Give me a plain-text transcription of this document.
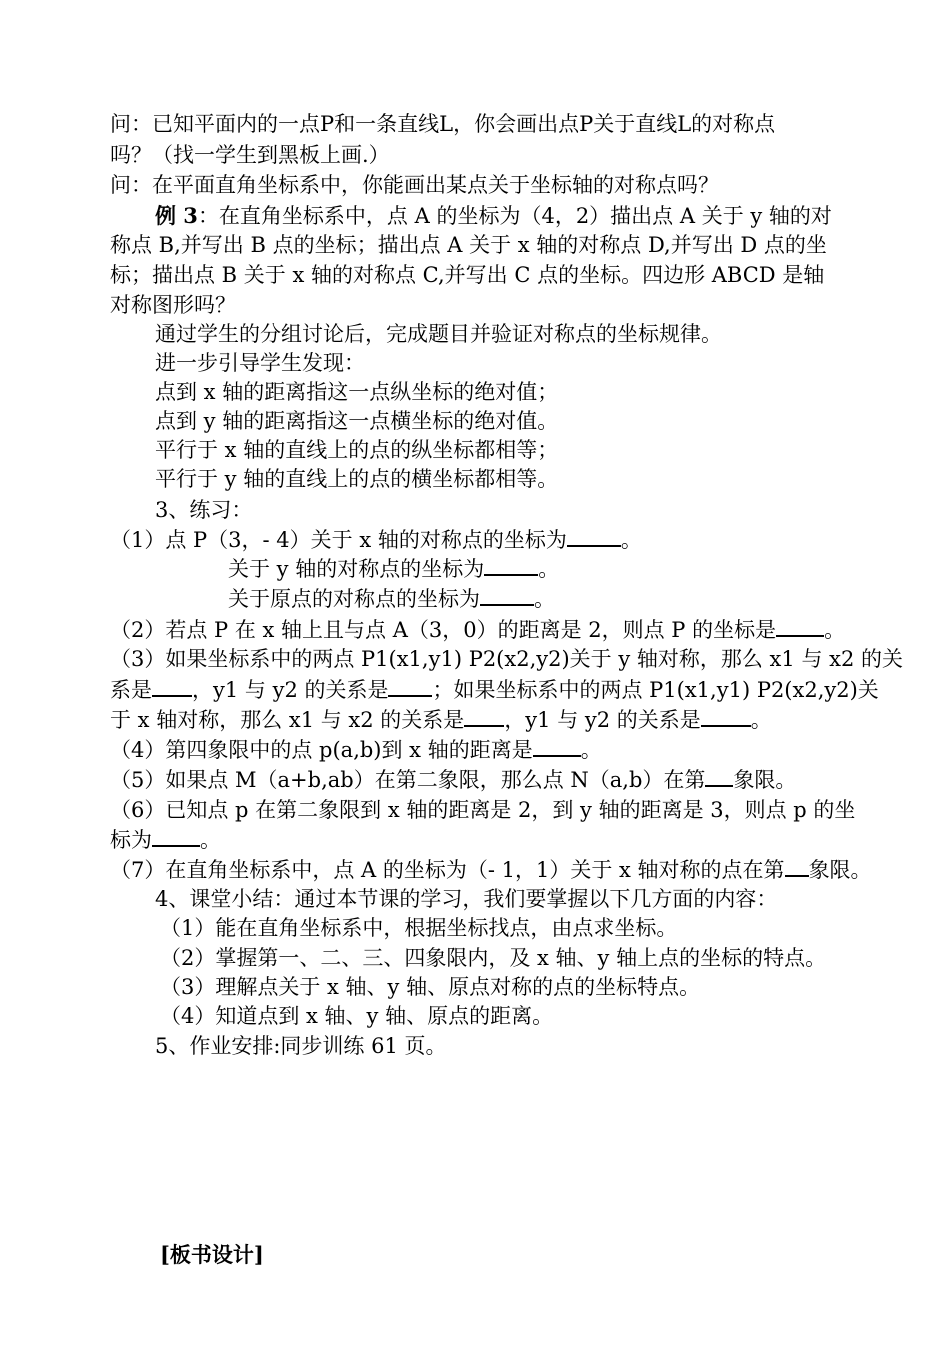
问：已知平面内的一点P和一条直线L，你会画出点P关于直线L的对称点
吗？（找一学生到黑板上画.）
问：在平面直角坐标系中，你能画出某点关于坐标轴的对称点吗？
例 3：在直角坐标系中，点 A 的坐标为（4，2）描出点 A 关于 y 轴的对
称点 B,并写出 B 点的坐标；描出点 A 关于 x 轴的对称点 D,并写出 D 点的坐
标；描出点 B 关于 x 轴的对称点 C,并写出 C 点的坐标。四边形 ABCD 是轴
对称图形吗？
通过学生的分组讨论后，完成题目并验证对称点的坐标规律。
进一步引导学生发现：
点到 x 轴的距离指这一点纵坐标的绝对值；
点到 y 轴的距离指这一点横坐标的绝对值。
平行于 x 轴的直线上的点的纵坐标都相等；
平行于 y 轴的直线上的点的横坐标都相等。
3、练习：
（1）点 P（3，- 4）关于 x 轴的对称点的坐标为	。
关于 y 轴的对称点的坐标为	。
关于原点的对称点的坐标为	。
（2）若点 P 在 x 轴上且与点 A（3，0）的距离是 2，则点 P 的坐标是 。
（3）如果坐标系中的两点 P1(x1,y1) P2(x2,y2)关于 y 轴对称，那么 x1 与 x2 的关
系是 ，y1 与 y2 的关系是 ；如果坐标系中的两点 P1(x1,y1) P2(x2,y2)关
于 x 轴对称，那么 x1 与 x2 的关系是 ，y1 与 y2 的关系是 。
（4）第四象限中的点 p(a,b)到 x 轴的距离是 。
（5）如果点 M（a+b,ab）在第二象限，那么点 N（a,b）在第 象限。
（6）已知点 p 在第二象限到 x 轴的距离是 2，到 y 轴的距离是 3，则点 p 的坐
标为 。
（7）在直角坐标系中，点 A 的坐标为（- 1，1）关于 x 轴对称的点在第 象限。
4、课堂小结：通过本节课的学习，我们要掌握以下几方面的内容：
（1）能在直角坐标系中，根据坐标找点，由点求坐标。
（2）掌握第一、二、三、四象限内，及 x 轴、y 轴上点的坐标的特点。
（3）理解点关于 x 轴、y 轴、原点对称的点的坐标特点。
（4）知道点到 x 轴、y 轴、原点的距离。
5、作业安排:同步训练 61 页。
[板书设计]
